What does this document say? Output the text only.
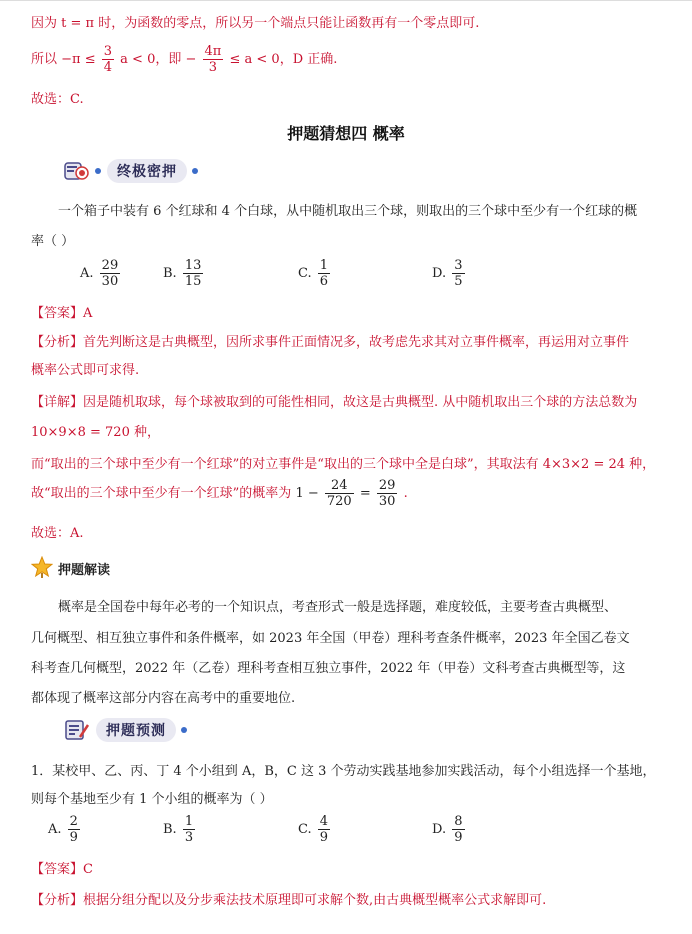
因为 t = π 时，为函数的零点，所以另一个端点只能让函数再有一个零点即可.
所以 $-\pi \le \frac{3}{4}$ a < 0，即 − $\frac{4\pi}{3} \le a < 0$，D 正确.
故选：C.
押题猜想四 概率
终极密押
一个箱子中装有 6 个红球和 4 个白球，从中随机取出三个球，则取出的三个球中至少有一个红球的概
率（ ）
A. $\frac{29}{30}$	B. $\frac{13}{15}$	C. $\frac{1}{6}$	D. $\frac{3}{5}$
【答案】A
【分析】首先判断这是古典概型，因所求事件正面情况多，故考虑先求其对立事件概率，再运用对立事件
概率公式即可求得.
【详解】因是随机取球，每个球被取到的可能性相同，故这是古典概型. 从中随机取出三个球的方法总数为
10×9×8 = 720 种，
而“取出的三个球中至少有一个红球”的对立事件是“取出的三个球中全是白球”，其取法有 4×3×2 = 24 种，
故“取出的三个球中至少有一个红球”的概率为 $1 - \frac{24}{720} = \frac{29}{30}$ .
故选：A.
押题解读
概率是全国卷中每年必考的一个知识点，考查形式一般是选择题，难度较低，主要考查古典概型、
几何概型、相互独立事件和条件概率，如 2023 年全国（甲卷）理科考查条件概率，2023 年全国乙卷文
科考查几何概型，2022 年（乙卷）理科考查相互独立事件，2022 年（甲卷）文科考查古典概型等，这
都体现了概率这部分内容在高考中的重要地位.
押题预测
1．某校甲、乙、丙、丁 4 个小组到 A，B，C 这 3 个劳动实践基地参加实践活动，每个小组选择一个基地，
则每个基地至少有 1 个小组的概率为（ ）
A. $\frac{2}{9}$	B. $\frac{1}{3}$	C. $\frac{4}{9}$	D. $\frac{8}{9}$
【答案】C
【分析】根据分组分配以及分步乘法技术原理即可求解个数,由古典概型概率公式求解即可.
